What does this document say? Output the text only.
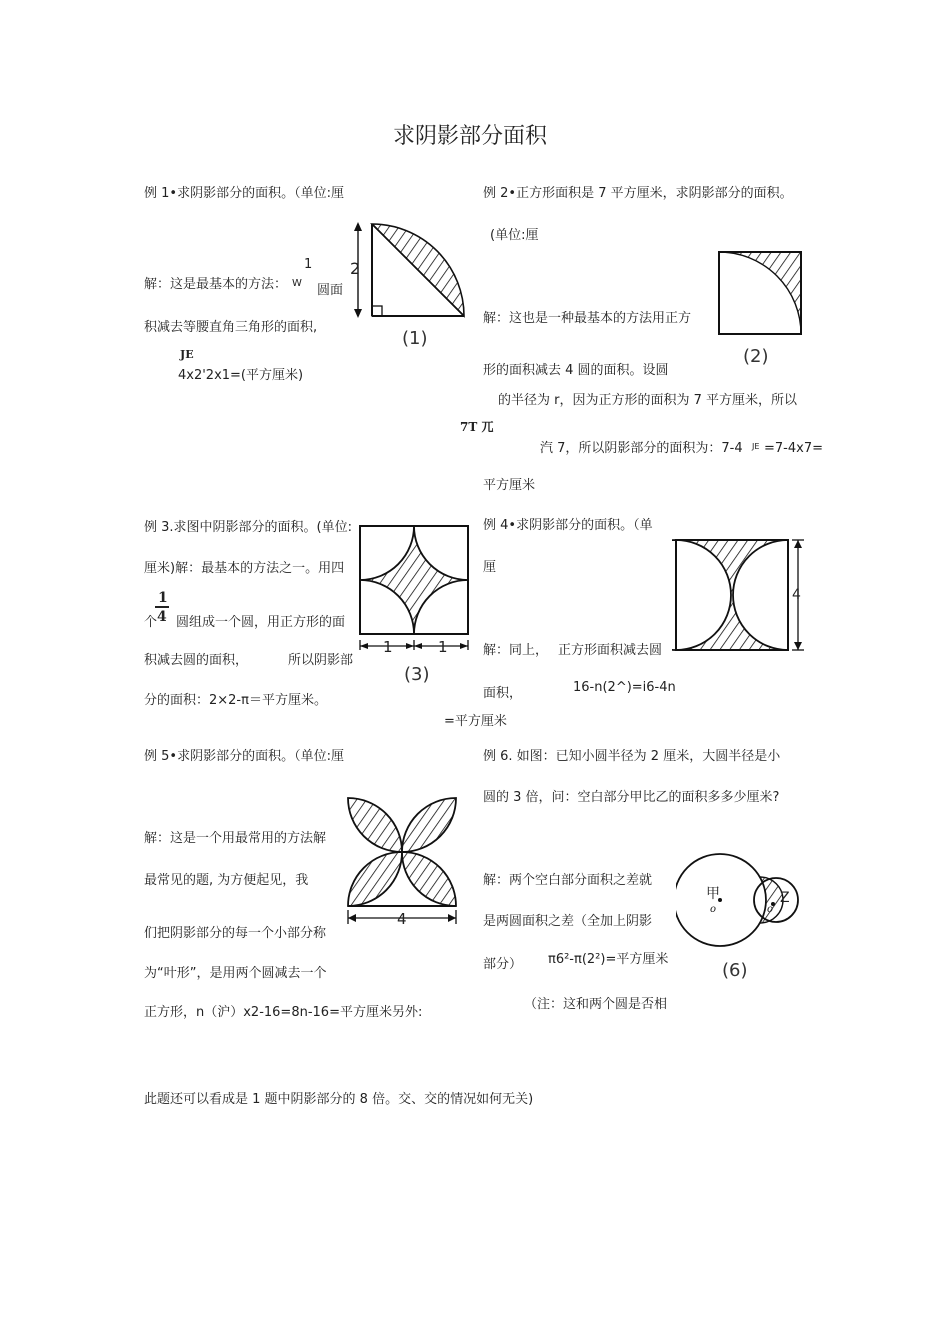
求阴影部分面积
例 1•求阴影部分的面积。（单位:厘
1
解：这是最基本的方法： W 圆面
积减去等腰直角三角形的面积,
JE
4x2'2x1=(平方厘米)
2
(1)
例 2•正方形面积是 7 平方厘米，求阴影部分的面积。
(单位:厘
解：这也是一种最基本的方法用正方
形的面积减去 4 圆的面积。设圆
的半径为 r，因为正方形的面积为 7 平方厘米，所以
7T 兀
汽 7，所以阴影部分的面积为：7-4 JE =7-4x7=
平方厘米
(2)
例 3.求图中阴影部分的面积。(单位:
厘米)解：最基本的方法之一。用四
1
4
个 圆组成一个圆，用正方形的面
积减去圆的面积，	所以阴影部
分的面积：2×2-π＝平方厘米。
1	1
(3)
例 4•求阴影部分的面积。（单
厘
解：同上， 正方形面积减去圆
面积，	16-n(2^)=i6-4n
=平方厘米
4
例 5•求阴影部分的面积。（单位:厘
解：这是一个用最常用的方法解
最常见的题, 为方便起见，我
们把阴影部分的每一个小部分称
为“叶形”，是用两个圆减去一个
正方形，n（沪）x2-16=8n-16=平方厘米另外:
4
例 6. 如图：已知小圆半径为 2 厘米，大圆半径是小
圆的 3 倍，问：空白部分甲比乙的面积多多少厘米?
解：两个空白部分面积之差就
是两圆面积之差（全加上阴影
部分） π6²-π(2²)=平方厘米
（注：这和两个圆是否相
甲
o	o
Z
(6)
此题还可以看成是 1 题中阴影部分的 8 倍。交、交的情况如何无关)
